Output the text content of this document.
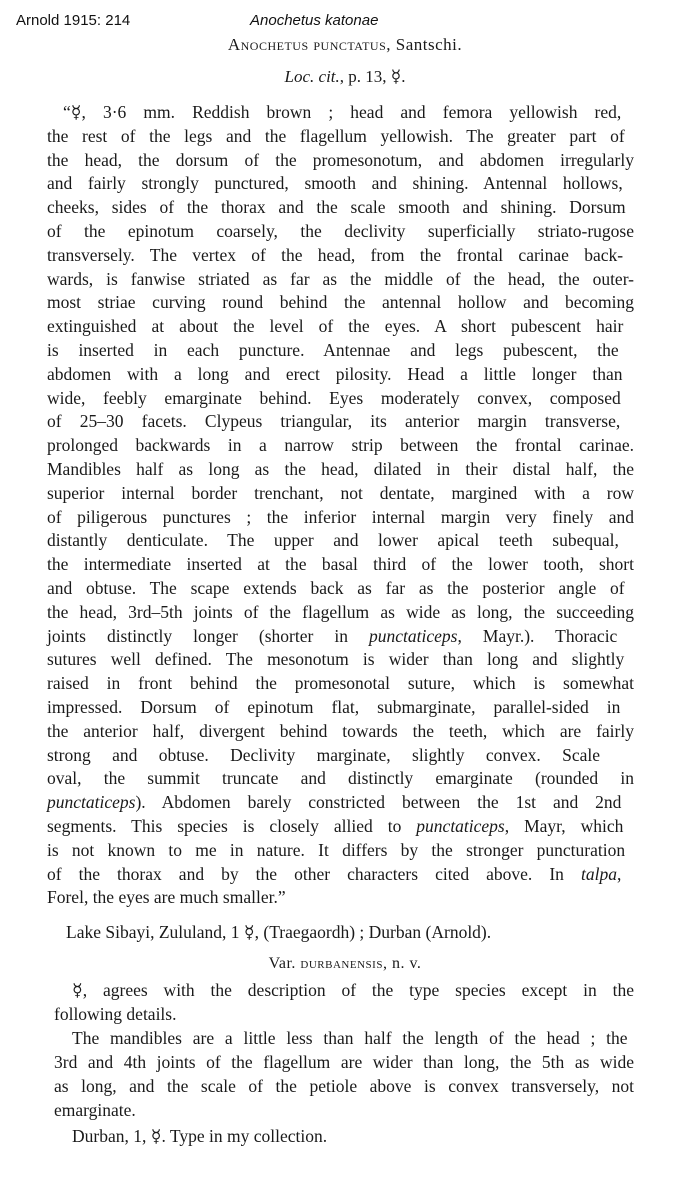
Arnold 1915: 214	Anochetus katonae
Anochetus punctatus, Santschi.
Loc. cit., p. 13, ☿.
“☿, 3·6 mm. Reddish brown ; head and femora yellowish red,
the rest of the legs and the flagellum yellowish. The greater part of
the head, the dorsum of the promesonotum, and abdomen irregularly
and fairly strongly punctured, smooth and shining. Antennal hollows,
cheeks, sides of the thorax and the scale smooth and shining. Dorsum
of the epinotum coarsely, the declivity superficially striato-rugose
transversely. The vertex of the head, from the frontal carinae back-
wards, is fanwise striated as far as the middle of the head, the outer-
most striae curving round behind the antennal hollow and becoming
extinguished at about the level of the eyes. A short pubescent hair
is inserted in each puncture. Antennae and legs pubescent, the
abdomen with a long and erect pilosity. Head a little longer than
wide, feebly emarginate behind. Eyes moderately convex, composed
of 25–30 facets. Clypeus triangular, its anterior margin transverse,
prolonged backwards in a narrow strip between the frontal carinae.
Mandibles half as long as the head, dilated in their distal half, the
superior internal border trenchant, not dentate, margined with a row
of piligerous punctures ; the inferior internal margin very finely and
distantly denticulate. The upper and lower apical teeth subequal,
the intermediate inserted at the basal third of the lower tooth, short
and obtuse. The scape extends back as far as the posterior angle of
the head, 3rd–5th joints of the flagellum as wide as long, the succeeding
joints distinctly longer (shorter in punctaticeps, Mayr.). Thoracic
sutures well defined. The mesonotum is wider than long and slightly
raised in front behind the promesonotal suture, which is somewhat
impressed. Dorsum of epinotum flat, submarginate, parallel-sided in
the anterior half, divergent behind towards the teeth, which are fairly
strong and obtuse. Declivity marginate, slightly convex. Scale
oval, the summit truncate and distinctly emarginate (rounded in
punctaticeps). Abdomen barely constricted between the 1st and 2nd
segments. This species is closely allied to punctaticeps, Mayr, which
is not known to me in nature. It differs by the stronger puncturation
of the thorax and by the other characters cited above. In talpa,
Forel, the eyes are much smaller.”
Lake Sibayi, Zululand, 1 ☿, (Traegaordh) ; Durban (Arnold).
Var. durbanensis, n. v.
☿, agrees with the description of the type species except in the
following details.
The mandibles are a little less than half the length of the head ; the
3rd and 4th joints of the flagellum are wider than long, the 5th as wide
as long, and the scale of the petiole above is convex transversely, not
emarginate.
Durban, 1, ☿. Type in my collection.
